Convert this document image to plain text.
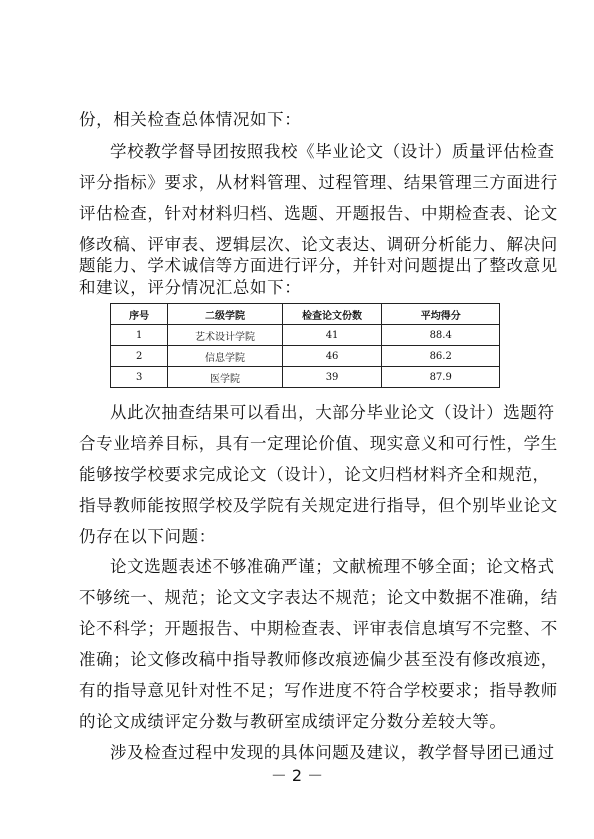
份，相关检查总体情况如下：
学校教学督导团按照我校《毕业论文（设计）质量评估检查
评分指标》要求，从材料管理、过程管理、结果管理三方面进行
评估检查，针对材料归档、选题、开题报告、中期检查表、论文
修改稿、评审表、逻辑层次、论文表达、调研分析能力、解决问
题能力、学术诚信等方面进行评分，并针对问题提出了整改意见
和建议，评分情况汇总如下：
序号	二级学院	检查论文份数	平均得分
1	艺术设计学院	41	88.4
2	信息学院	46	86.2
3	医学院	39	87.9
从此次抽查结果可以看出，大部分毕业论文（设计）选题符
合专业培养目标，具有一定理论价值、现实意义和可行性，学生
能够按学校要求完成论文（设计），论文归档材料齐全和规范，
指导教师能按照学校及学院有关规定进行指导，但个别毕业论文
仍存在以下问题：
论文选题表述不够准确严谨；文献梳理不够全面；论文格式
不够统一、规范；论文文字表达不规范；论文中数据不准确，结
论不科学；开题报告、中期检查表、评审表信息填写不完整、不
准确；论文修改稿中指导教师修改痕迹偏少甚至没有修改痕迹，
有的指导意见针对性不足；写作进度不符合学校要求；指导教师
的论文成绩评定分数与教研室成绩评定分数分差较大等。
涉及检查过程中发现的具体问题及建议，教学督导团已通过
－ 2 －
